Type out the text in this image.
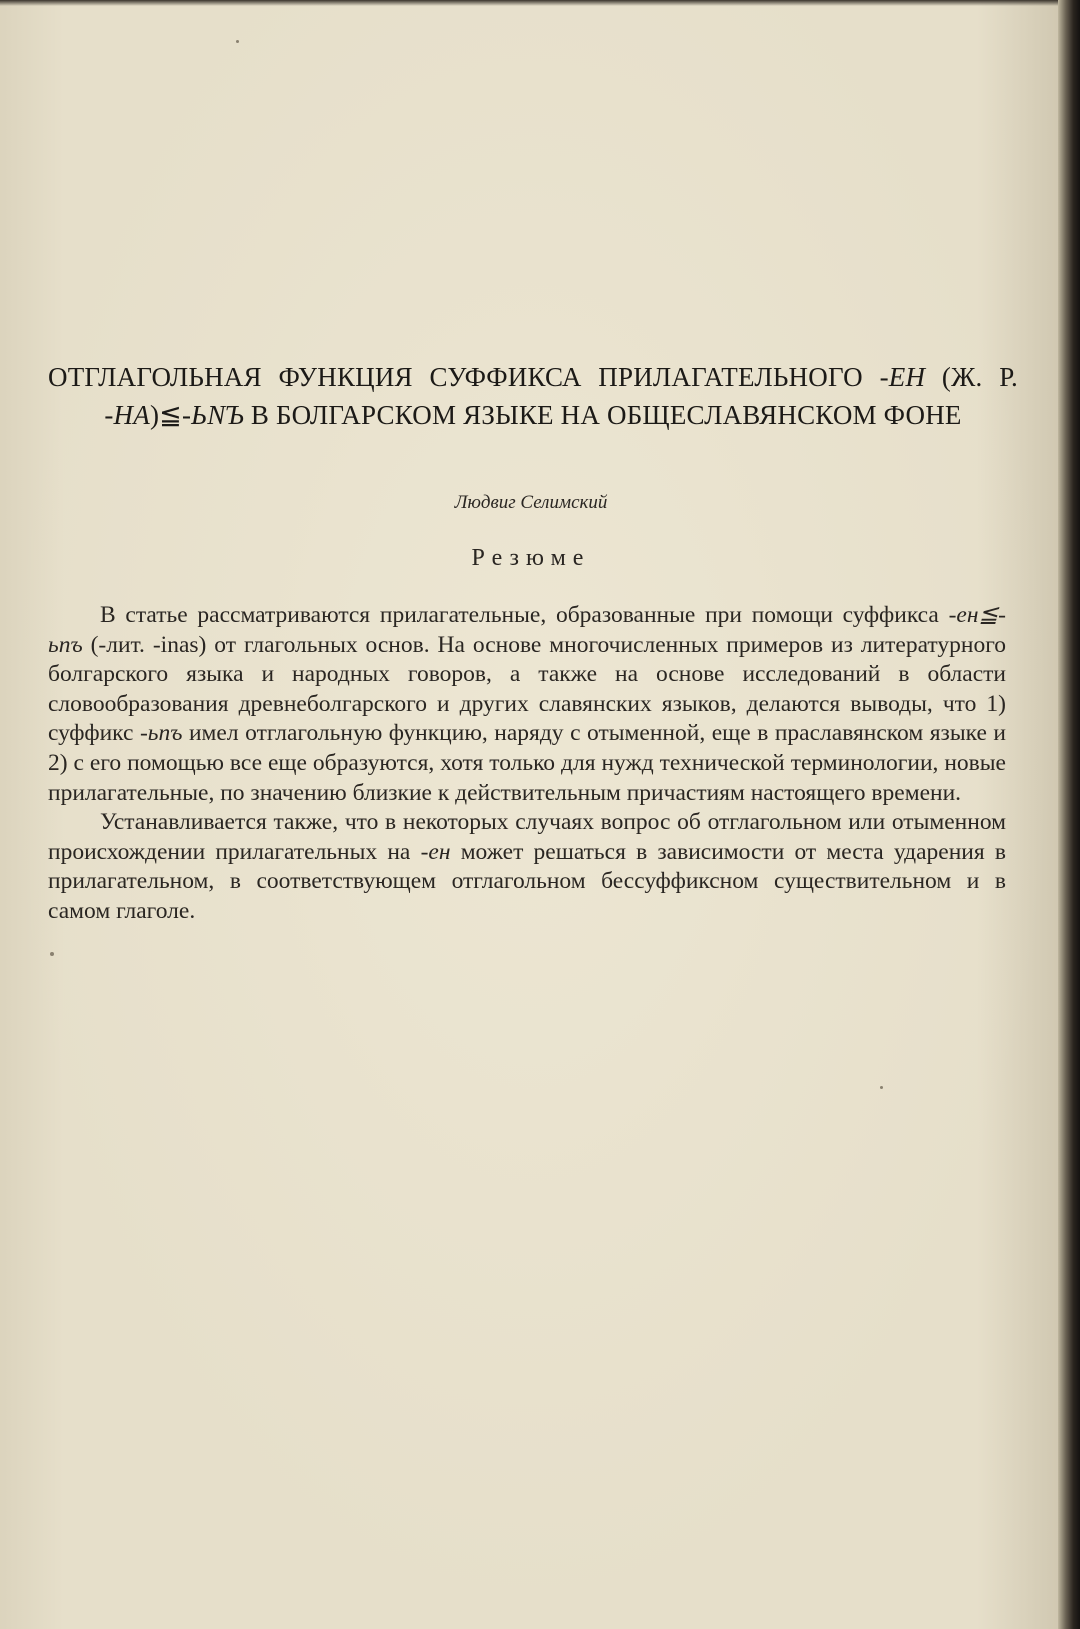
ОТГЛАГОЛЬНАЯ ФУНКЦИЯ СУФФИКСА ПРИЛАГАТЕЛЬНОГО -ЕН (Ж. Р. -НА)≦-ЬNЪ В БОЛГАРСКОМ ЯЗЫКЕ НА ОБЩЕСЛАВЯНСКОМ ФОНЕ
Людвиг Селимский
Резюме

В статье рассматриваются прилагательные, образованные при помощи суффикса -ен≦-ьnъ (-лит. -inas) от глагольных основ. На основе многочисленных примеров из литературного болгарского языка и народных говоров, а также на основе исследований в области словообразования древнеболгарского и других славянских языков, делаются выводы, что 1) суффикс -ьnъ имел отглагольную функцию, наряду с отыменной, еще в праславянском языке и 2) с его помощью все еще образуются, хотя только для нужд технической терминологии, новые прилагательные, по значению близкие к действительным причастиям настоящего времени.

Устанавливается также, что в некоторых случаях вопрос об отглагольном или отыменном происхождении прилагательных на -ен может решаться в зависимости от места ударения в прилагательном, в соответствующем отглагольном бессуффиксном существительном и в самом глаголе.
